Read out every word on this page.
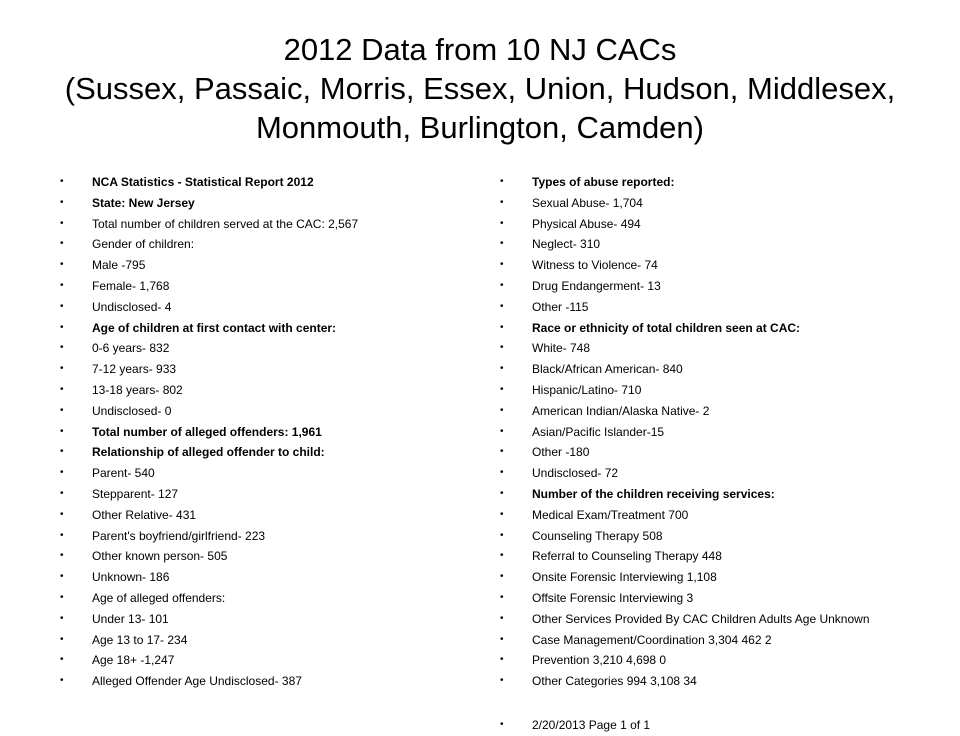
2012 Data from 10 NJ CACs
(Sussex, Passaic, Morris, Essex, Union, Hudson, Middlesex,
Monmouth, Burlington, Camden)
• NCA Statistics - Statistical Report 2012
• State: New Jersey
• Total number of children served at the CAC: 2,567
• Gender of children:
• Male -795
• Female- 1,768
• Undisclosed- 4
• Age of children at first contact with center:
• 0-6 years- 832
• 7-12 years- 933
• 13-18 years- 802
• Undisclosed- 0
• Total number of alleged offenders: 1,961
• Relationship of alleged offender to child:
• Parent- 540
• Stepparent- 127
• Other Relative- 431
• Parent's boyfriend/girlfriend- 223
• Other known person- 505
• Unknown- 186
• Age of alleged offenders:
• Under 13- 101
• Age 13 to 17- 234
• Age 18+ -1,247
• Alleged Offender Age Undisclosed- 387
• Types of abuse reported:
• Sexual Abuse- 1,704
• Physical Abuse- 494
• Neglect- 310
• Witness to Violence- 74
• Drug Endangerment- 13
• Other -115
• Race or ethnicity of total children seen at CAC:
• White- 748
• Black/African American- 840
• Hispanic/Latino- 710
• American Indian/Alaska Native- 2
• Asian/Pacific Islander-15
• Other -180
• Undisclosed- 72
• Number of the children receiving services:
• Medical Exam/Treatment 700
• Counseling Therapy 508
• Referral to Counseling Therapy 448
• Onsite Forensic Interviewing 1,108
• Offsite Forensic Interviewing 3
• Other Services Provided By CAC Children Adults Age Unknown
• Case Management/Coordination 3,304 462 2
• Prevention 3,210 4,698 0
• Other Categories 994 3,108 34
• 2/20/2013 Page 1 of 1
